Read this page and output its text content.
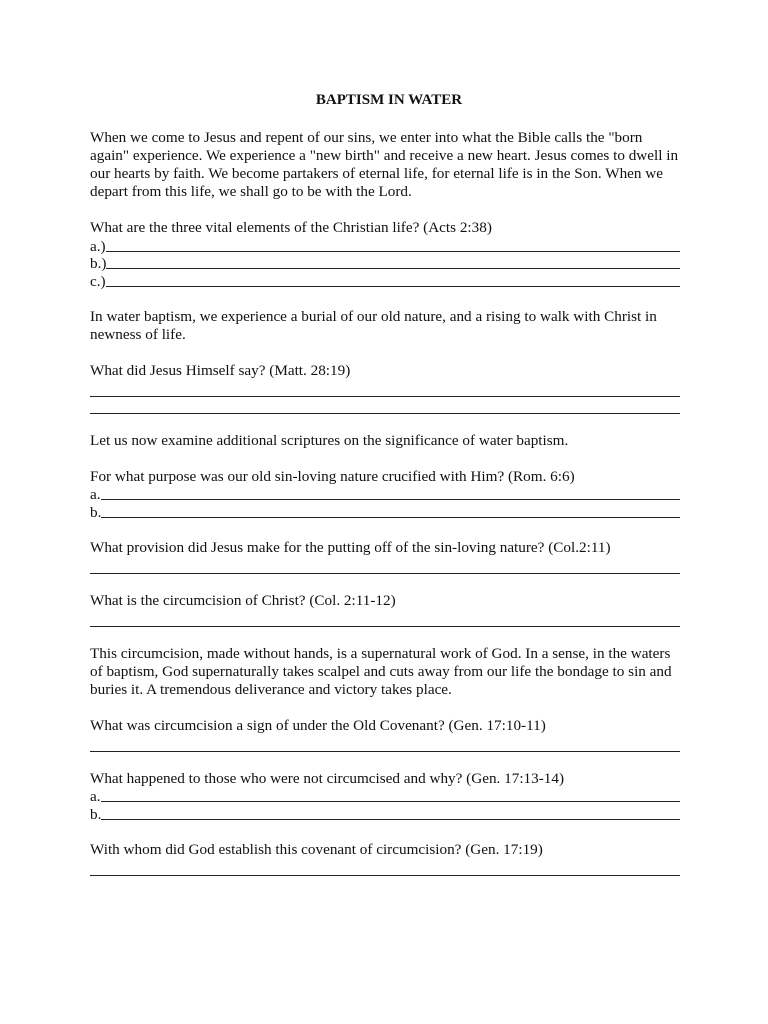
BAPTISM IN WATER

When we come to Jesus and repent of our sins, we enter into what the Bible calls the "born again" experience. We experience a "new birth" and receive a new heart. Jesus comes to dwell in our hearts by faith. We become partakers of eternal life, for eternal life is in the Son. When we depart from this life, we shall go to be with the Lord.

What are the three vital elements of the Christian life? (Acts 2:38)

a.)
b.)
c.)

In water baptism, we experience a burial of our old nature, and a rising to walk with Christ in newness of life.

What did Jesus Himself say? (Matt. 28:19)

Let us now examine additional scriptures on the significance of water baptism.

For what purpose was our old sin-loving nature crucified with Him? (Rom. 6:6)

a.
b.

What provision did Jesus make for the putting off of the sin-loving nature? (Col.2:11)

What is the circumcision of Christ? (Col. 2:11-12)

This circumcision, made without hands, is a supernatural work of God. In a sense, in the waters of baptism, God supernaturally takes scalpel and cuts away from our life the bondage to sin and buries it. A tremendous deliverance and victory takes place.

What was circumcision a sign of under the Old Covenant? (Gen. 17:10-11)

What happened to those who were not circumcised and why? (Gen. 17:13-14)

a.
b.

With whom did God establish this covenant of circumcision? (Gen. 17:19)
